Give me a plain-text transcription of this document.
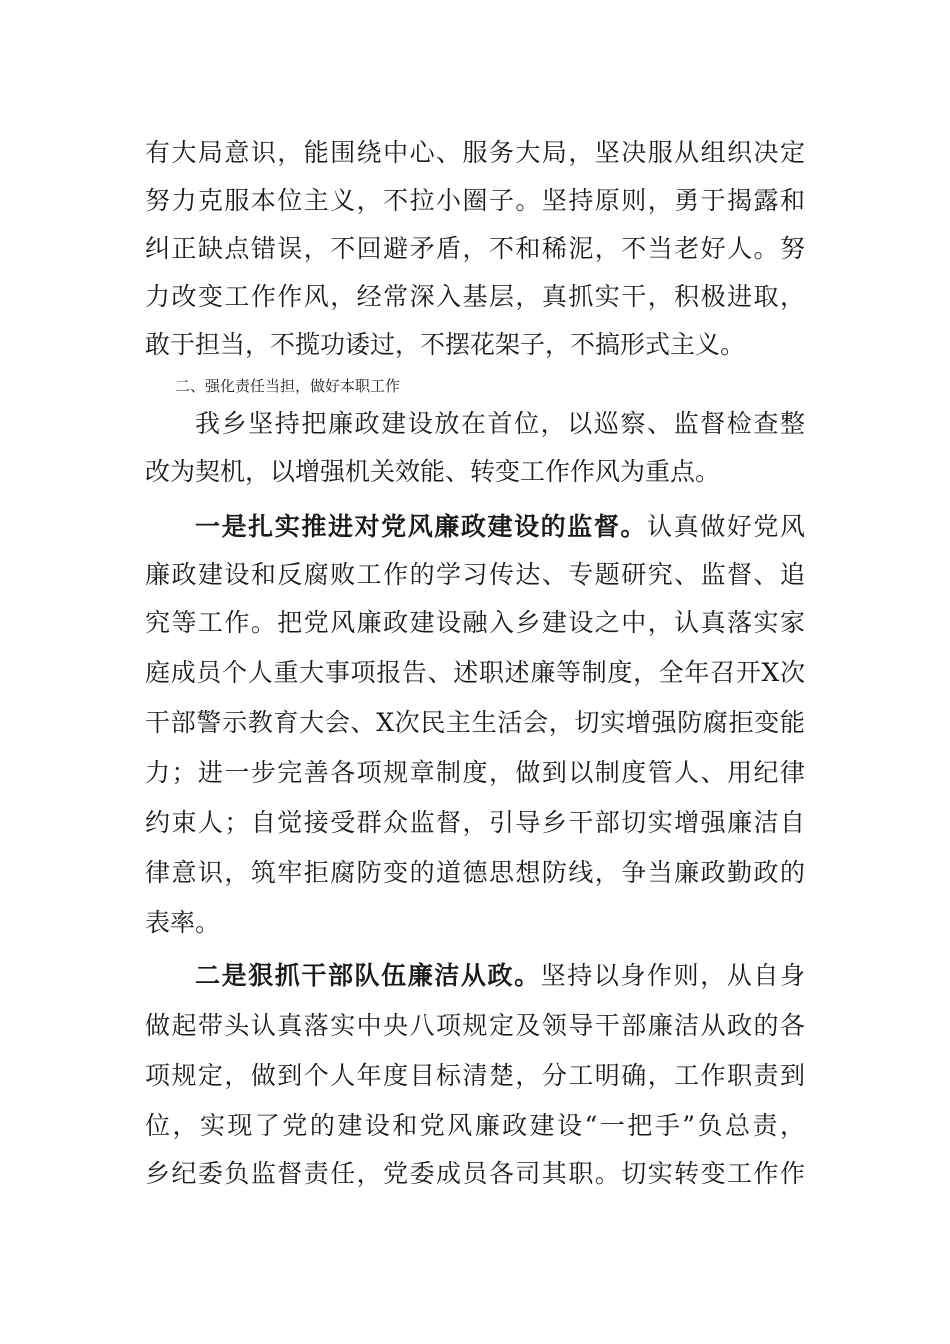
有大局意识，能围绕中心、服务大局，坚决服从组织决定
努力克服本位主义，不拉小圈子。坚持原则，勇于揭露和
纠正缺点错误，不回避矛盾，不和稀泥，不当老好人。努
力改变工作作风，经常深入基层，真抓实干，积极进取，
敢于担当，不揽功诿过，不摆花架子，不搞形式主义。
二、强化责任当担，做好本职工作
我乡坚持把廉政建设放在首位，以巡察、监督检查整
改为契机，以增强机关效能、转变工作作风为重点。
一是扎实推进对党风廉政建设的监督。认真做好党风
廉政建设和反腐败工作的学习传达、专题研究、监督、追
究等工作。把党风廉政建设融入乡建设之中，认真落实家
庭成员个人重大事项报告、述职述廉等制度，全年召开X次
干部警示教育大会、X次民主生活会，切实增强防腐拒变能
力；进一步完善各项规章制度，做到以制度管人、用纪律
约束人；自觉接受群众监督，引导乡干部切实增强廉洁自
律意识，筑牢拒腐防变的道德思想防线，争当廉政勤政的
表率。
二是狠抓干部队伍廉洁从政。坚持以身作则，从自身
做起带头认真落实中央八项规定及领导干部廉洁从政的各
项规定，做到个人年度目标清楚，分工明确，工作职责到
位，实现了党的建设和党风廉政建设“一把手”负总责，
乡纪委负监督责任，党委成员各司其职。切实转变工作作
